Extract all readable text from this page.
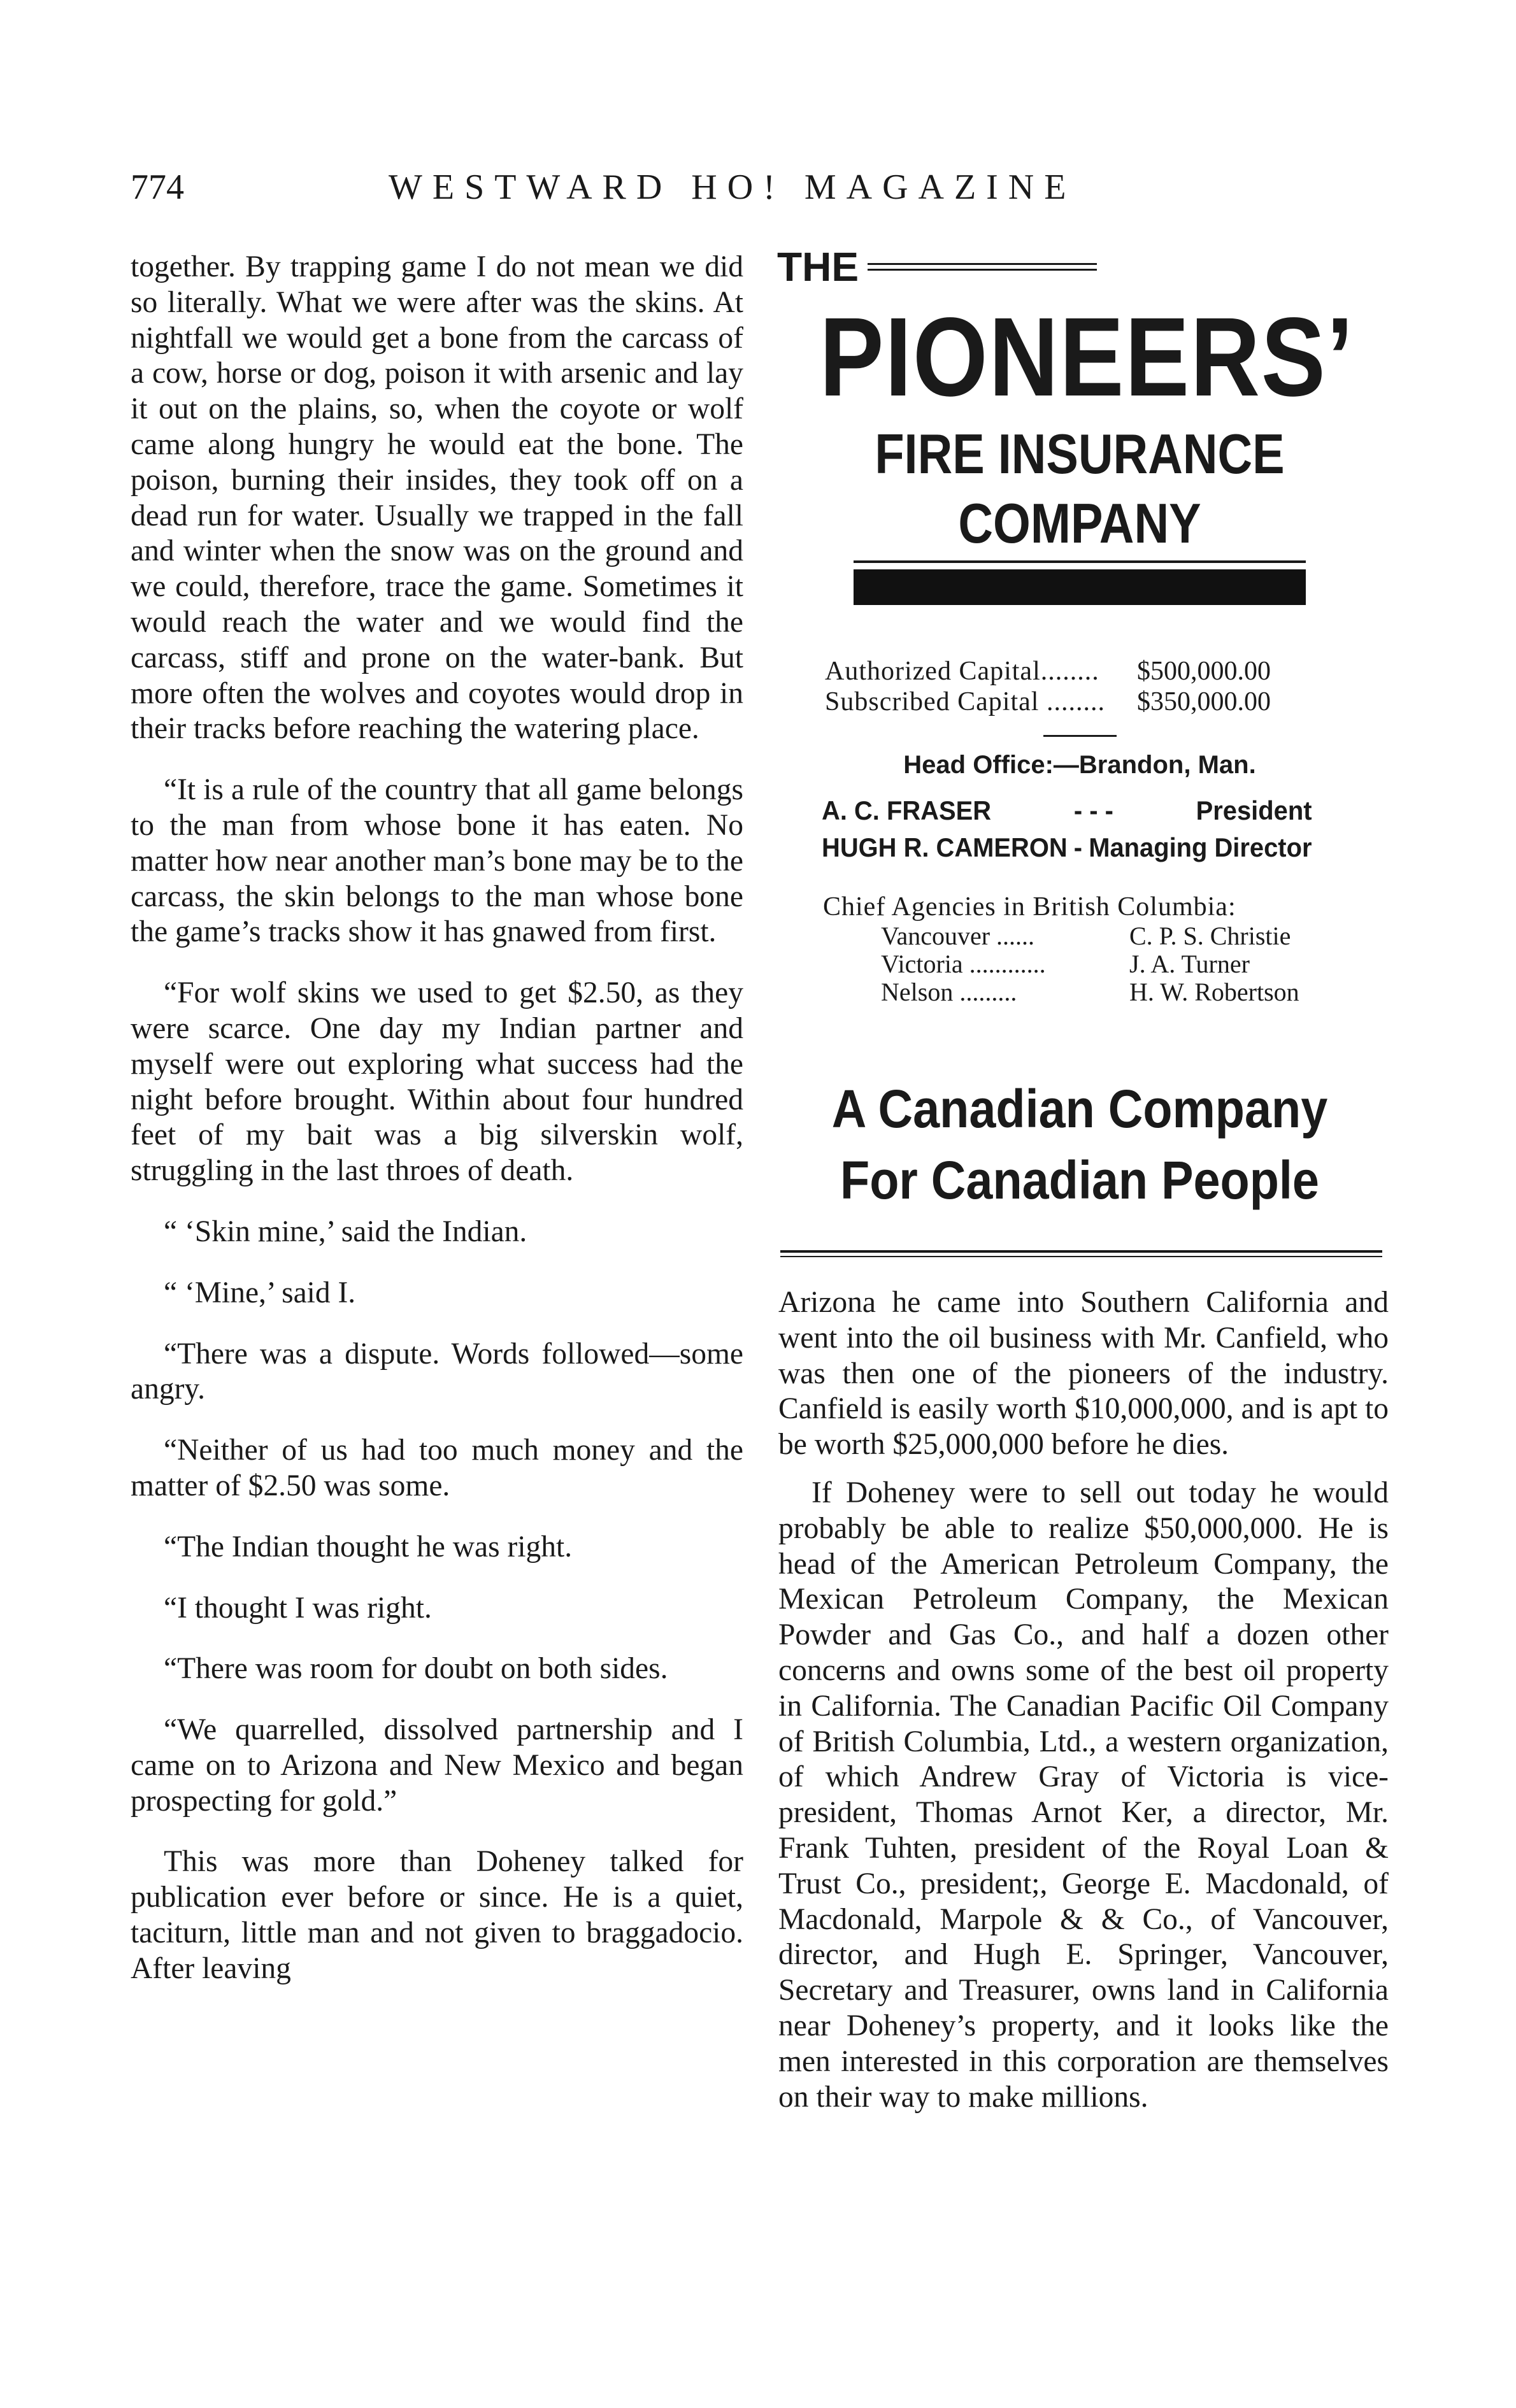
774	WESTWARD HO! MAGAZINE

together. By trapping game I do not mean we did so literally. What we were after was the skins. At nightfall we would get a bone from the carcass of a cow, horse or dog, poison it with arsenic and lay it out on the plains, so, when the coyote or wolf came along hungry he would eat the bone. The poison, burning their insides, they took off on a dead run for water. Usually we trapped in the fall and winter when the snow was on the ground and we could, therefore, trace the game. Sometimes it would reach the water and we would find the carcass, stiff and prone on the water-bank. But more often the wolves and coyotes would drop in their tracks before reaching the watering place.

“It is a rule of the country that all game belongs to the man from whose bone it has eaten. No matter how near another man’s bone may be to the carcass, the skin belongs to the man whose bone the game’s tracks show it has gnawed from first.

“For wolf skins we used to get $2.50, as they were scarce. One day my Indian partner and myself were out exploring what success had the night before brought. Within about four hundred feet of my bait was a big silverskin wolf, struggling in the last throes of death.

“ ‘Skin mine,’ said the Indian.

“ ‘Mine,’ said I.

“There was a dispute. Words followed—some angry.

“Neither of us had too much money and the matter of $2.50 was some.

“The Indian thought he was right.

“I thought I was right.

“There was room for doubt on both sides.

“We quarrelled, dissolved partnership and I came on to Arizona and New Mexico and began prospecting for gold.”

This was more than Doheney talked for publication ever before or since. He is a quiet, taciturn, little man and not given to braggadocio. After leaving

THE
PIONEERS’
FIRE INSURANCE
COMPANY
Authorized Capital........	$500,000.00
Subscribed Capital ........	$350,000.00
Head Office:—Brandon, Man.
A. C. FRASER	- - -	President
HUGH R. CAMERON - Managing Director
Chief Agencies in British Columbia:
Vancouver ......	C. P. S. Christie
Victoria ............	J. A. Turner
Nelson .........	H. W. Robertson
A Canadian Company
For Canadian People

Arizona he came into Southern California and went into the oil business with Mr. Canfield, who was then one of the pioneers of the industry. Canfield is easily worth $10,000,000, and is apt to be worth $25,000,000 before he dies.

If Doheney were to sell out today he would probably be able to realize $50,000,000. He is head of the American Petroleum Company, the Mexican Petroleum Company, the Mexican Powder and Gas Co., and half a dozen other concerns and owns some of the best oil property in California. The Canadian Pacific Oil Company of British Columbia, Ltd., a western organization, of which Andrew Gray of Victoria is vice-president, Thomas Arnot Ker, a director, Mr. Frank Tuhten, president of the Royal Loan & Trust Co., president;, George E. Macdonald, of Macdonald, Marpole & & Co., of Vancouver, director, and Hugh E. Springer, Vancouver, Secretary and Treasurer, owns land in California near Doheney’s property, and it looks like the men interested in this corporation are themselves on their way to make millions.
